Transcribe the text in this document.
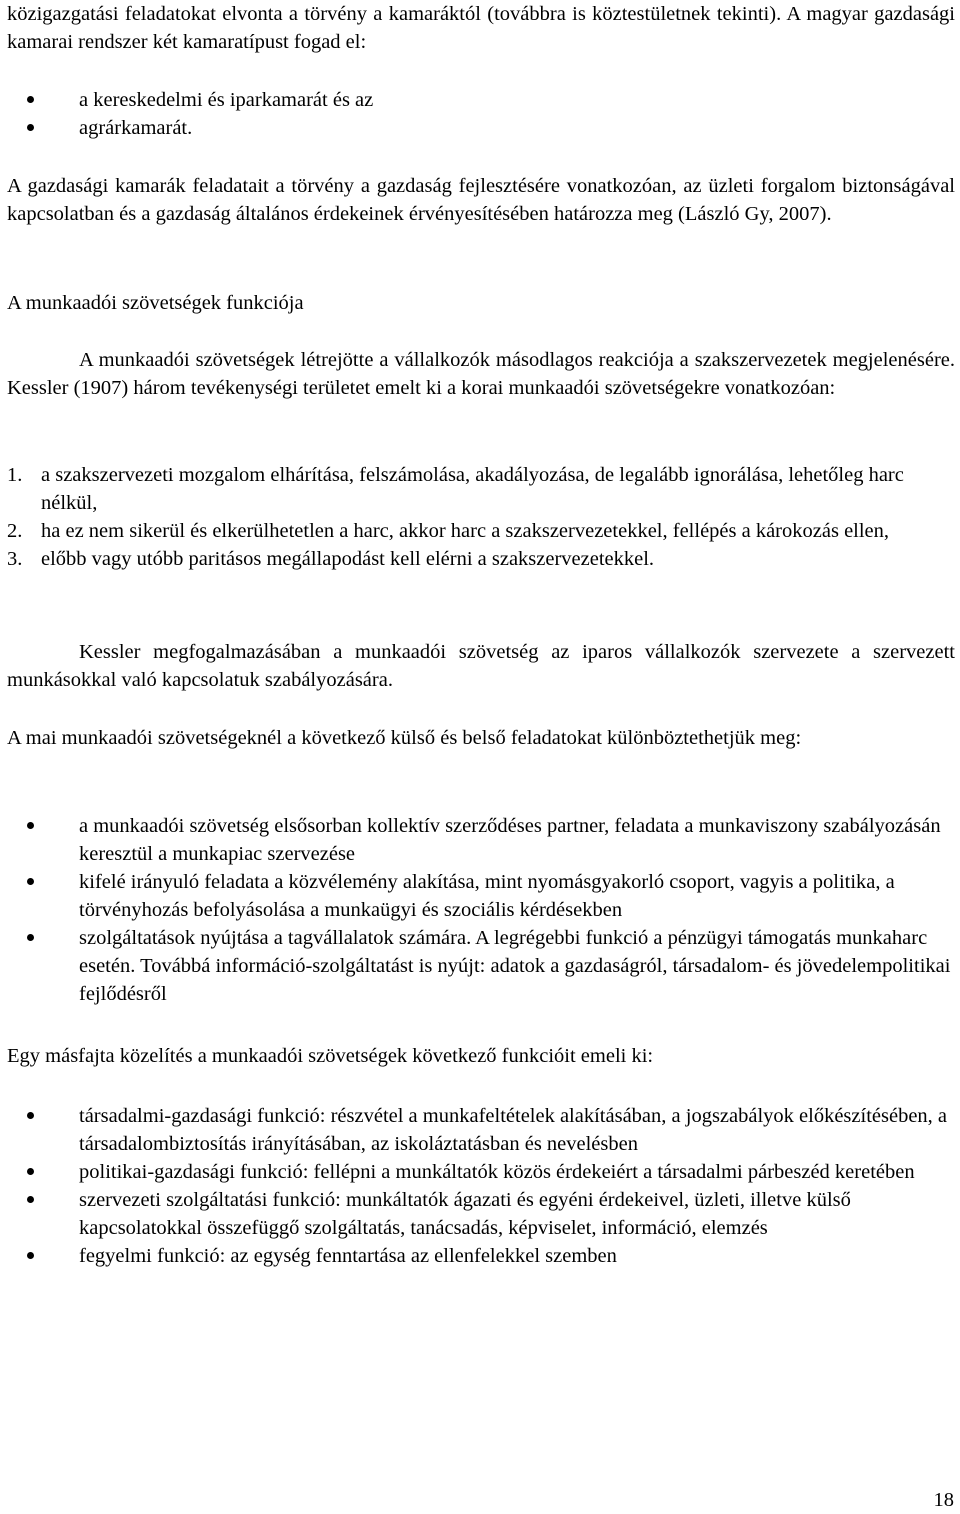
közigazgatási feladatokat elvonta a törvény a kamaráktól (továbbra is köztestületnek tekinti). A magyar gazdasági kamarai rendszer két kamaratípust fogad el:
a kereskedelmi és iparkamarát és az
agrárkamarát.
A gazdasági kamarák feladatait a törvény a gazdaság fejlesztésére vonatkozóan, az üzleti forgalom biztonságával kapcsolatban és a gazdaság általános érdekeinek érvényesítésében határozza meg (László Gy, 2007).
A munkaadói szövetségek funkciója
A munkaadói szövetségek létrejötte a vállalkozók másodlagos reakciója a szakszervezetek megjelenésére. Kessler (1907) három tevékenységi területet emelt ki a korai munkaadói szövetségekre vonatkozóan:
1. a szakszervezeti mozgalom elhárítása, felszámolása, akadályozása, de legalább ignorálása, lehetőleg harc nélkül,
2. ha ez nem sikerül és elkerülhetetlen a harc, akkor harc a szakszervezetekkel, fellépés a károkozás ellen,
3. előbb vagy utóbb paritásos megállapodást kell elérni a szakszervezetekkel.
Kessler megfogalmazásában a munkaadói szövetség az iparos vállalkozók szervezete a szervezett munkásokkal való kapcsolatuk szabályozására.
A mai munkaadói szövetségeknél a következő külső és belső feladatokat különböztethetjük meg:
a munkaadói szövetség elsősorban kollektív szerződéses partner, feladata a munkaviszony szabályozásán keresztül a munkapiac szervezése
kifelé irányuló feladata a közvélemény alakítása, mint nyomásgyakorló csoport, vagyis a politika, a törvényhozás befolyásolása a munkaügyi és szociális kérdésekben
szolgáltatások nyújtása a tagvállalatok számára. A legrégebbi funkció a pénzügyi támogatás munkaharc esetén. Továbbá információ-szolgáltatást is nyújt: adatok a gazdaságról, társadalom- és jövedelempolitikai fejlődésről
Egy másfajta közelítés a munkaadói szövetségek következő funkcióit emeli ki:
társadalmi-gazdasági funkció: részvétel a munkafeltételek alakításában, a jogszabályok előkészítésében, a társadalombiztosítás irányításában, az iskoláztatásban és nevelésben
politikai-gazdasági funkció: fellépni a munkáltatók közös érdekeiért a társadalmi párbeszéd keretében
szervezeti szolgáltatási funkció: munkáltatók ágazati és egyéni érdekeivel, üzleti, illetve külső kapcsolatokkal összefüggő szolgáltatás, tanácsadás, képviselet, információ, elemzés
fegyelmi funkció: az egység fenntartása az ellenfelekkel szemben
18
